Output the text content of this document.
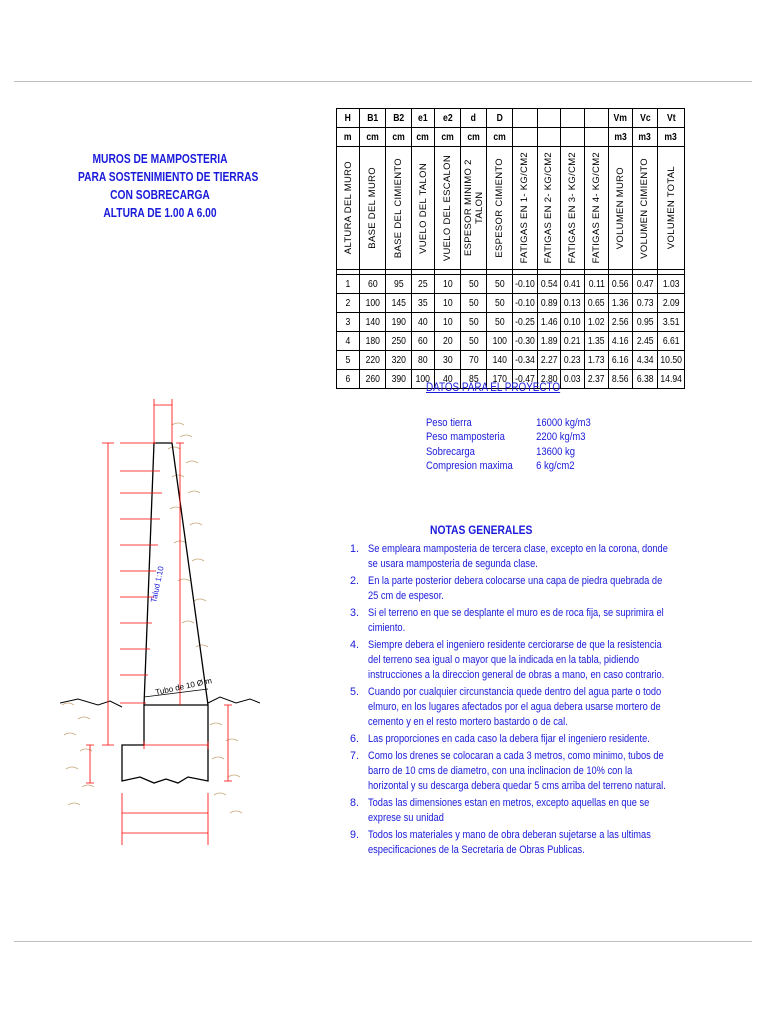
MUROS DE MAMPOSTERIA
PARA SOSTENIMIENTO DE TIERRAS
CON SOBRECARGA
ALTURA DE 1.00 A 6.00
H	B1	B2	e1	e2	d	D					Vm	Vc	Vt
m	cm	cm	cm	cm	cm	cm					m3	m3	m3

ALTURA DEL MURO	BASE DEL MURO	BASE DEL CIMIENTO	VUELO DEL TALON	VUELO DEL ESCALON	ESPESOR MINIMO 2 TALON	ESPESOR CIMIENTO	FATIGAS EN 1- KG/CM2	FATIGAS EN 2- KG/CM2	FATIGAS EN 3- KG/CM2	FATIGAS EN 4- KG/CM2	VOLUMEN MURO	VOLUMEN CIMIENTO	VOLUMEN TOTAL

1	60	95	25	10	50	50	-0.10	0.54	0.41	0.11	0.56	0.47	1.03
2	100	145	35	10	50	50	-0.10	0.89	0.13	0.65	1.36	0.73	2.09
3	140	190	40	10	50	50	-0.25	1.46	0.10	1.02	2.56	0.95	3.51
4	180	250	60	20	50	100	-0.30	1.89	0.21	1.35	4.16	2.45	6.61
5	220	320	80	30	70	140	-0.34	2.27	0.23	1.73	6.16	4.34	10.50
6	260	390	100	40	85	170	-0.47	2.80	0.03	2.37	8.56	6.38	14.94
DATOS PARA EL PROYECTO
Peso tierra	16000 kg/m3
Peso mamposteria	2200 kg/m3
Sobrecarga	13600 kg
Compresion maxima 6 kg/cm2
NOTAS GENERALES
1. Se empleara mamposteria de tercera clase, excepto en la corona, donde se usara mamposteria de segunda clase.
2. En la parte posterior debera colocarse una capa de piedra quebrada de 25 cm de espesor.
3. Si el terreno en que se desplante el muro es de roca fija, se suprimira el cimiento.
4. Siempre debera el ingeniero residente cerciorarse de que la resistencia del terreno sea igual o mayor que la indicada en la tabla, pidiendo instrucciones a la direccion general de obras a mano, en caso contrario.
5. Cuando por cualquier circunstancia quede dentro del agua parte o todo elmuro, en los lugares afectados por el agua debera usarse mortero de cemento y en el resto mortero bastardo o de cal.
6. Las proporciones en cada caso la debera fijar el ingeniero residente.
7. Como los drenes se colocaran a cada 3 metros, como minimo, tubos de barro de 10 cms de diametro, con una inclinacion de 10% con la horizontal y su descarga debera quedar 5 cms arriba del terreno natural.
8. Todas las dimensiones estan en metros, excepto aquellas en que se exprese su unidad
9. Todos los materiales y mano de obra deberan sujetarse a las ultimas especificaciones de la Secretaria de Obras Publicas.
Talud 1:10
Tubo de 10 Ø m
